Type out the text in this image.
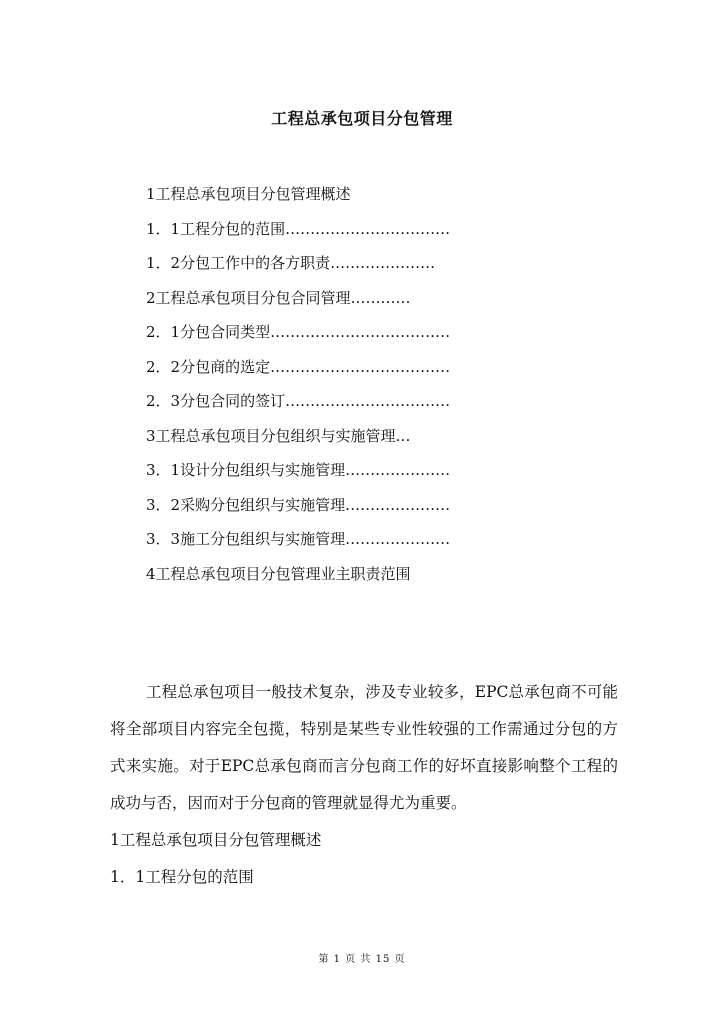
工程总承包项目分包管理
1工程总承包项目分包管理概述
1．1工程分包的范围……………………………
1．2分包工作中的各方职责…………………
2工程总承包项目分包合同管理…………
2．1分包合同类型………………………………
2．2分包商的选定………………………………
2．3分包合同的签订……………………………
3工程总承包项目分包组织与实施管理…
3．1设计分包组织与实施管理…………………
3．2采购分包组织与实施管理…………………
3．3施工分包组织与实施管理…………………
4工程总承包项目分包管理业主职责范围

工程总承包项目一般技术复杂，涉及专业较多，EPC总承包商不可能将全部项目内容完全包揽，特别是某些专业性较强的工作需通过分包的方式来实施。对于EPC总承包商而言分包商工作的好坏直接影响整个工程的成功与否，因而对于分包商的管理就显得尤为重要。

1工程总承包项目分包管理概述

1．1工程分包的范围

第 1 页 共 15 页
